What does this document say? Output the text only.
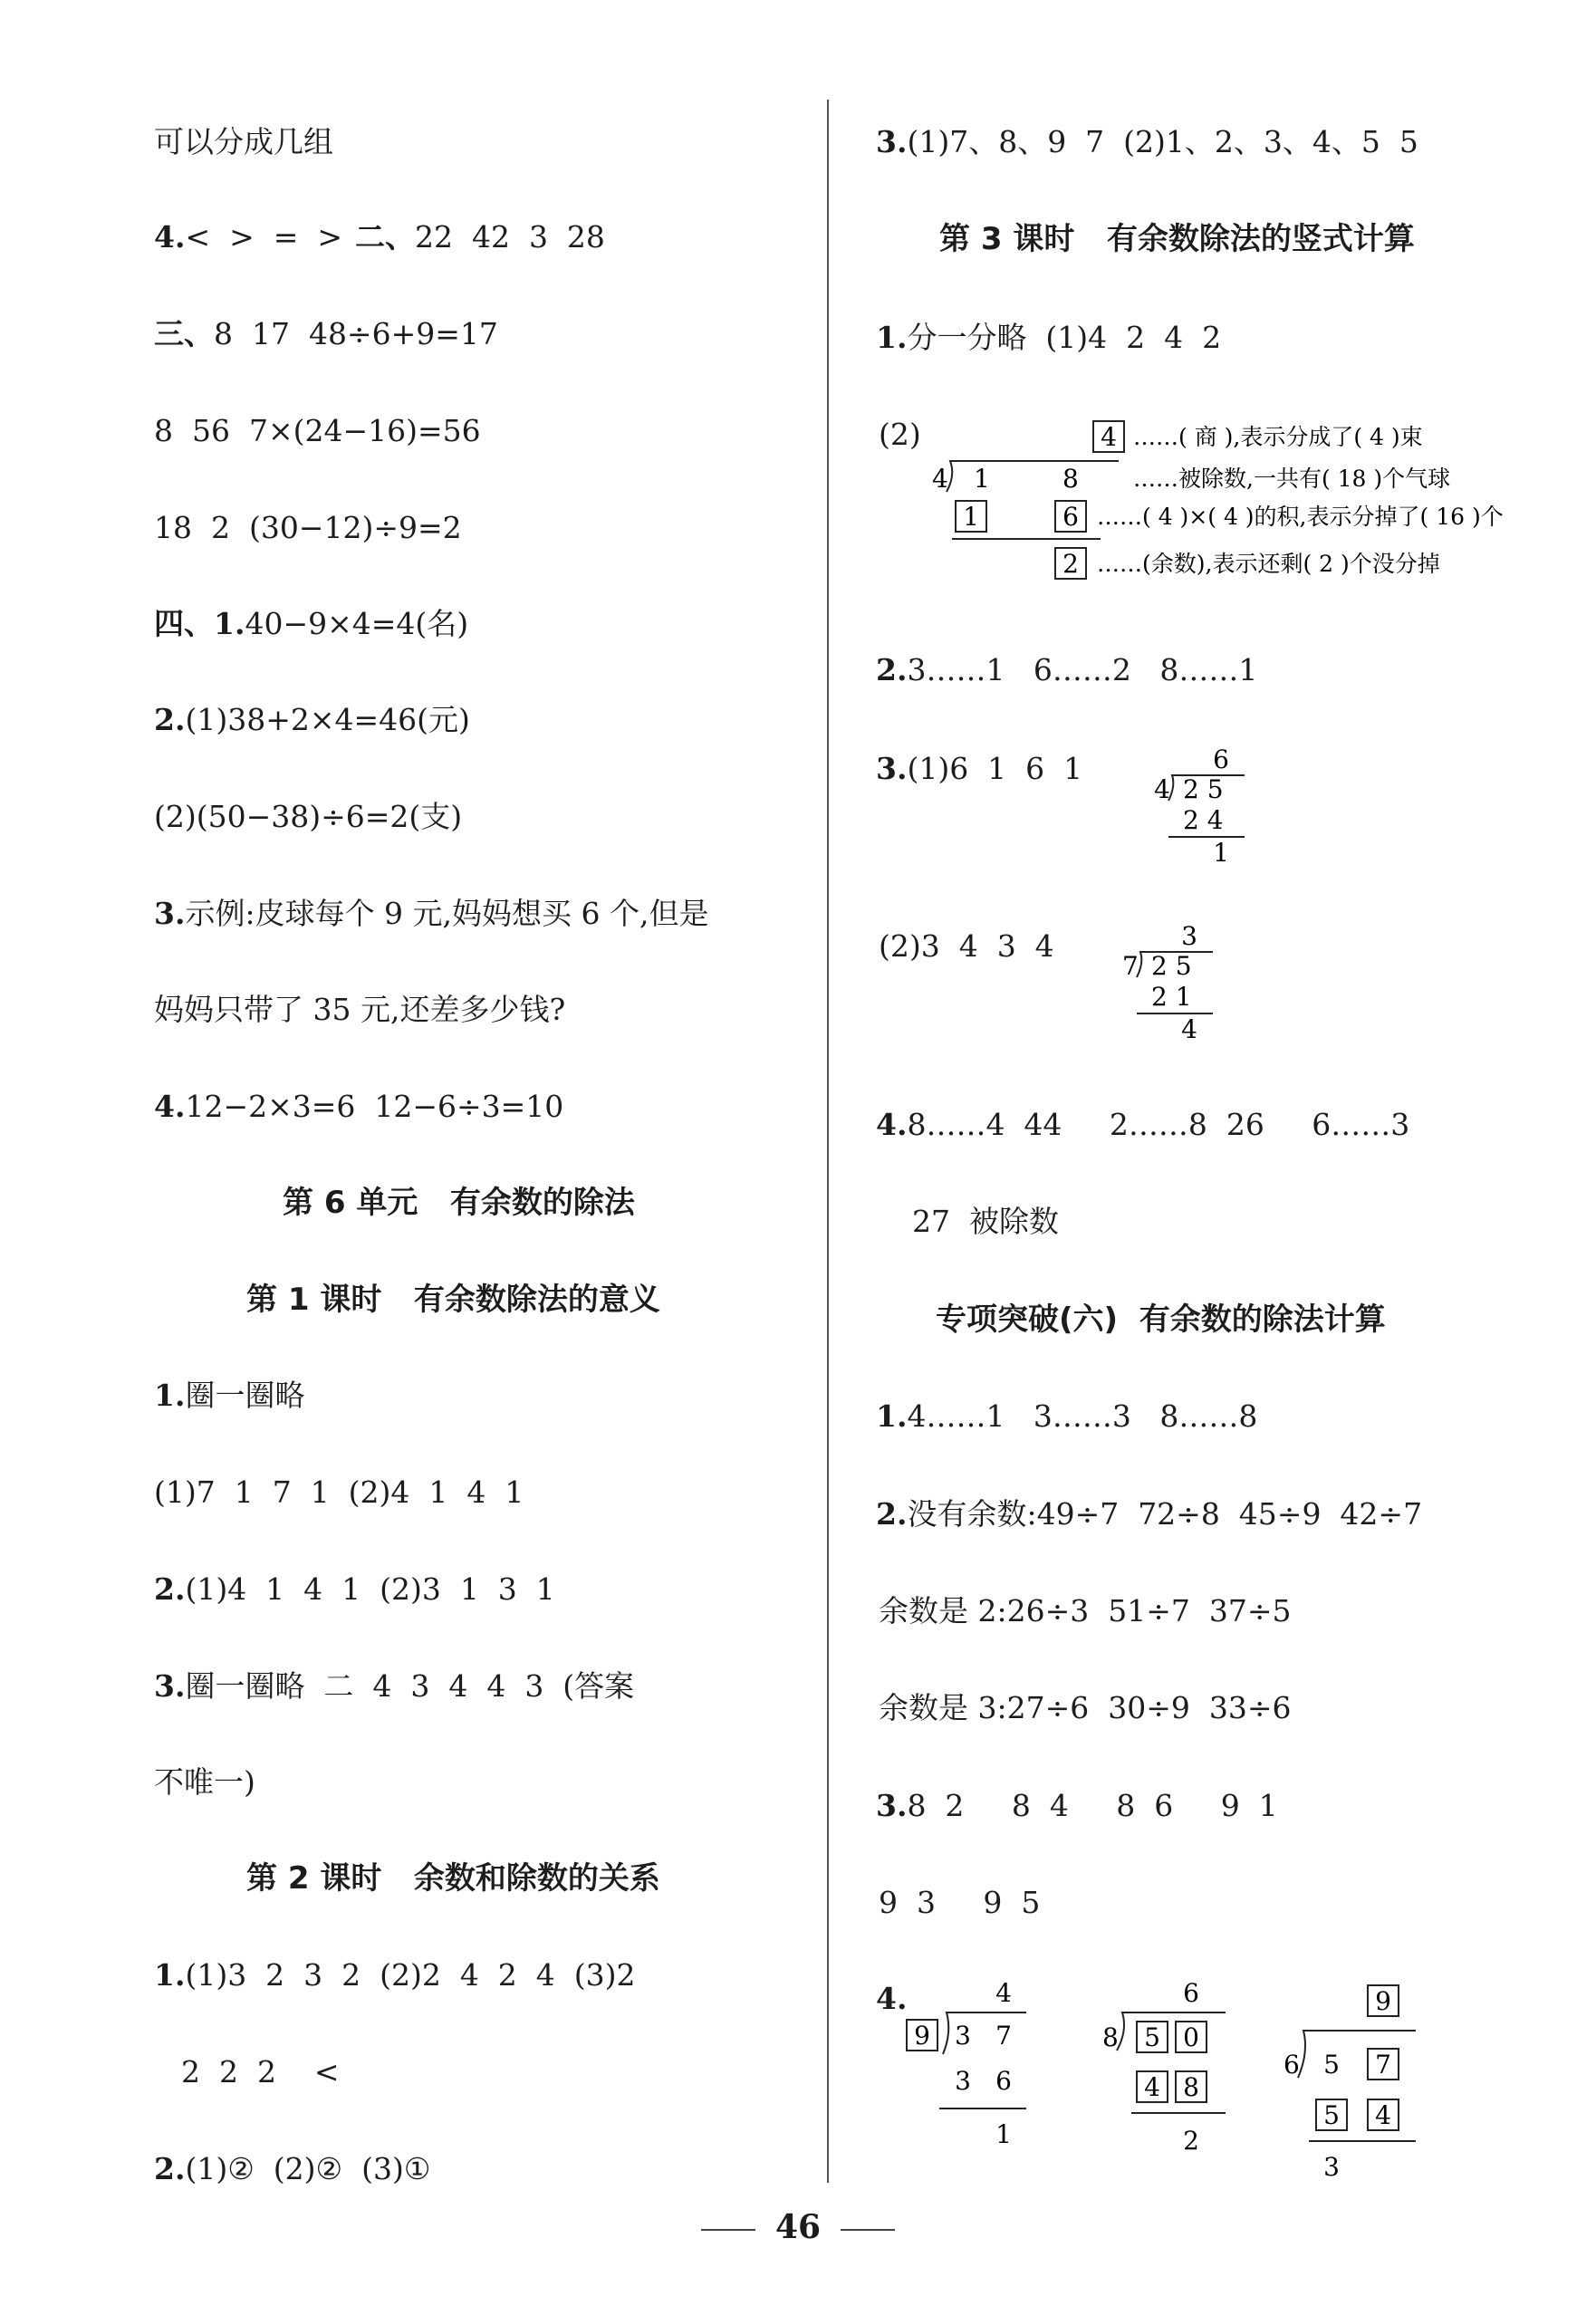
可以分成几组
4.<  >  =  > 二、22  42  3  28
三、8  17  48÷6+9=17
8  56  7×(24−16)=56
18  2  (30−12)÷9=2
四、1.40−9×4=4(名)
2.(1)38+2×4=46(元)
(2)(50−38)÷6=2(支)
3.示例:皮球每个 9 元,妈妈想买 6 个,但是
妈妈只带了 35 元,还差多少钱?
4.12−2×3=6  12−6÷3=10
第 6 单元   有余数的除法
第 1 课时   有余数除法的意义
1.圈一圈略
(1)7  1  7  1  (2)4  1  4  1
2.(1)4  1  4  1  (2)3  1  3  1
3.圈一圈略  二  4  3  4  4  3  (答案
不唯一)
第 2 课时   余数和除数的关系
1.(1)3  2  3  2  (2)2  4  2  4  (3)2
2  2  2    <
2.(1)②  (2)②  (3)①
3.(1)7、8、9  7  (2)1、2、3、4、5  5
第 3 课时   有余数除法的竖式计算
1.分一分略  (1)4  2  4  2
(2)	4 ……( 商 ),表示分成了( 4 )束
4 1	8 ……被除数,一共有( 18 )个气球
1	6 ……( 4 )×( 4 )的积,表示分掉了( 16 )个
2 ……(余数),表示还剩( 2 )个没分掉
2.3……1   6……2   8……1
3.(1)6  1  6  1	6
4 2 5
2 4
1
(2)3  4  3  4	3
7 2 5
2 1
4
4.8……4  44     2……8  26     6……3
27  被除数
专项突破(六)  有余数的除法计算
1.4……1   3……3   8……8
2.没有余数:49÷7  72÷8  45÷9  42÷7
余数是 2:26÷3  51÷7  37÷5
余数是 3:27÷6  30÷9  33÷6
3.8  2     8  4     8  6     9  1
9  3     9  5
4.	4
9 3 7
3 6
1
6
8 5 0
4 8
2
9
6 5 7
5 4
3
46
